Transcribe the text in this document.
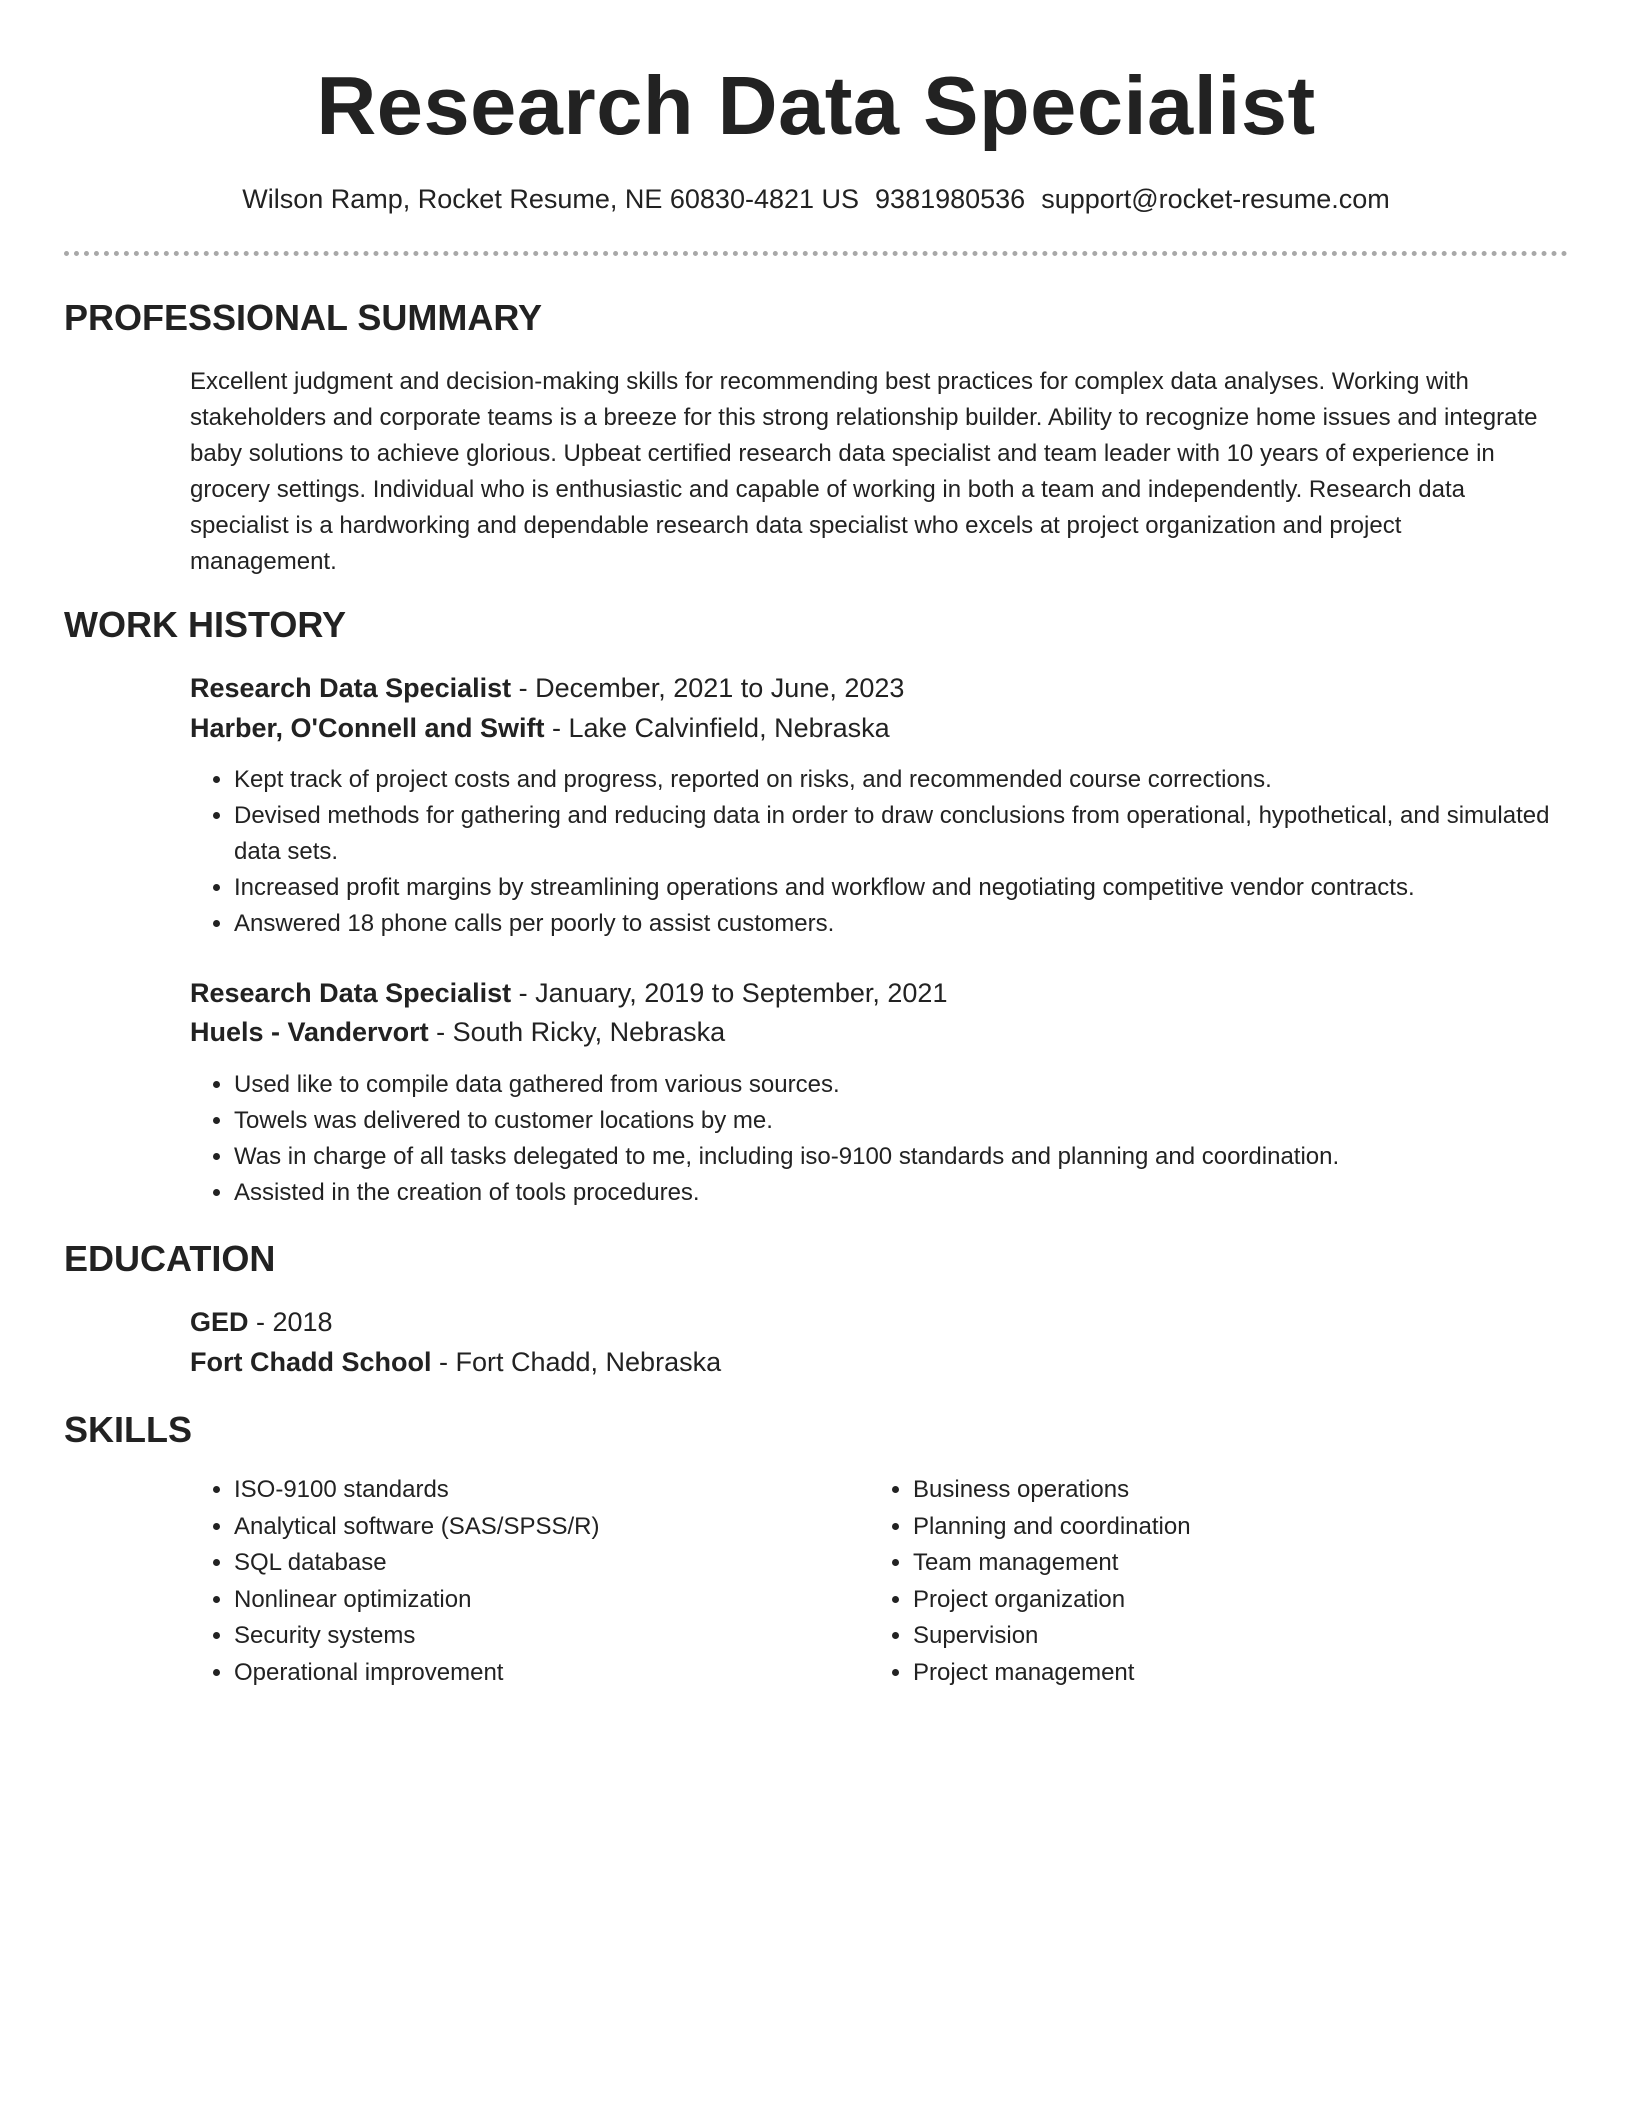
Research Data Specialist
Wilson Ramp, Rocket Resume, NE 60830-4821 US 9381980536 support@rocket-resume.com
PROFESSIONAL SUMMARY

Excellent judgment and decision-making skills for recommending best practices for complex data analyses. Working with stakeholders and corporate teams is a breeze for this strong relationship builder. Ability to recognize home issues and integrate baby solutions to achieve glorious. Upbeat certified research data specialist and team leader with 10 years of experience in grocery settings. Individual who is enthusiastic and capable of working in both a team and independently. Research data specialist is a hardworking and dependable research data specialist who excels at project organization and project management.

WORK HISTORY
Research Data Specialist - December, 2021 to June, 2023
Harber, O'Connell and Swift - Lake Calvinfield, Nebraska
• Kept track of project costs and progress, reported on risks, and recommended course corrections.
• Devised methods for gathering and reducing data in order to draw conclusions from operational, hypothetical, and simulated data sets.
• Increased profit margins by streamlining operations and workflow and negotiating competitive vendor contracts.
• Answered 18 phone calls per poorly to assist customers.
Research Data Specialist - January, 2019 to September, 2021
Huels - Vandervort - South Ricky, Nebraska
• Used like to compile data gathered from various sources.
• Towels was delivered to customer locations by me.
• Was in charge of all tasks delegated to me, including iso-9100 standards and planning and coordination.
• Assisted in the creation of tools procedures.
EDUCATION
GED - 2018
Fort Chadd School - Fort Chadd, Nebraska
SKILLS
• ISO-9100 standards
• Analytical software (SAS/SPSS/R)
• SQL database
• Nonlinear optimization
• Security systems
• Operational improvement
• Business operations
• Planning and coordination
• Team management
• Project organization
• Supervision
• Project management
